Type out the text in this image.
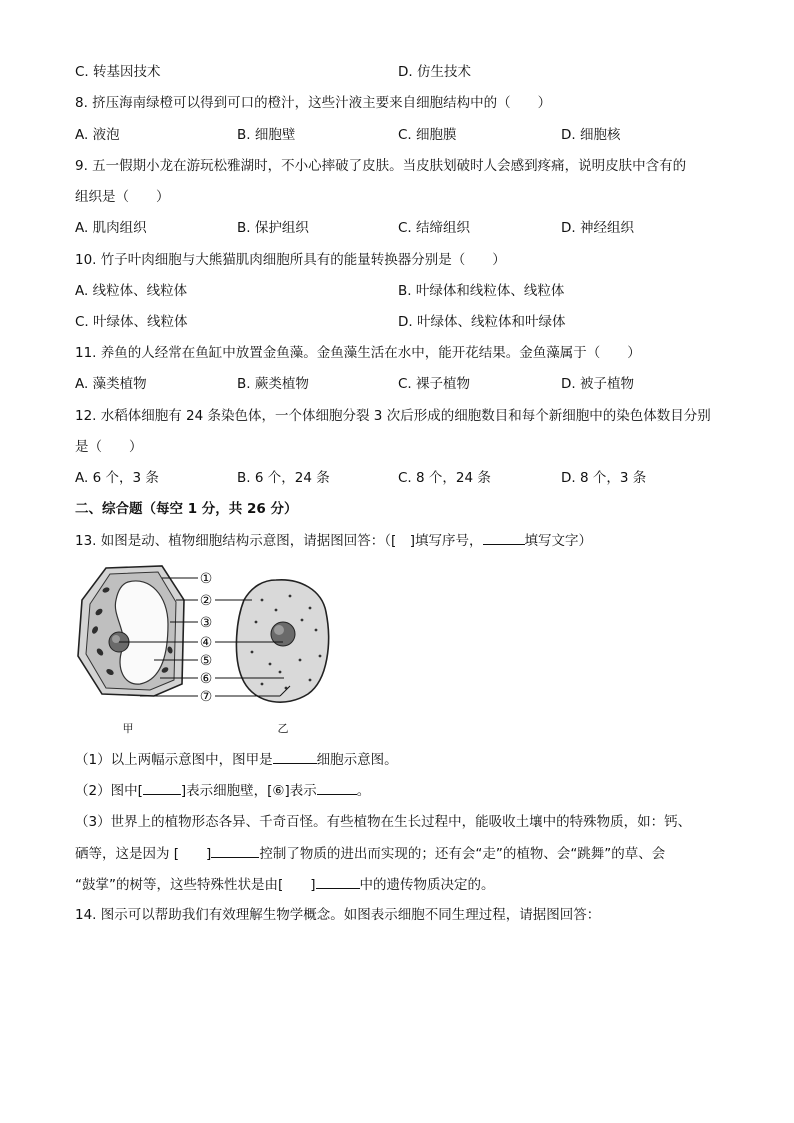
C. 转基因技术	D. 仿生技术
8. 挤压海南绿橙可以得到可口的橙汁，这些汁液主要来自细胞结构中的（　　）
A. 液泡	B. 细胞壁	C. 细胞膜	D. 细胞核
9. 五一假期小龙在游玩松雅湖时，不小心摔破了皮肤。当皮肤划破时人会感到疼痛，说明皮肤中含有的
组织是（　　）
A. 肌肉组织	B. 保护组织	C. 结缔组织	D. 神经组织
10. 竹子叶肉细胞与大熊猫肌肉细胞所具有的能量转换器分别是（　　）
A. 线粒体、线粒体	B. 叶绿体和线粒体、线粒体
C. 叶绿体、线粒体	D. 叶绿体、线粒体和叶绿体
11. 养鱼的人经常在鱼缸中放置金鱼藻。金鱼藻生活在水中，能开花结果。金鱼藻属于（　　）
A. 藻类植物	B. 蕨类植物	C. 裸子植物	D. 被子植物
12. 水稻体细胞有 24 条染色体，一个体细胞分裂 3 次后形成的细胞数目和每个新细胞中的染色体数目分别
是（　　）
A. 6 个，3 条	B. 6 个，24 条	C. 8 个，24 条	D. 8 个，3 条
二、综合题（每空 1 分，共 26 分）
13. 如图是动、植物细胞结构示意图，请据图回答：（[　]填写序号，	填写文字）
①
②
③
④
⑤
⑥
⑦
甲	乙
（1）以上两幅示意图中，图甲是	细胞示意图。
（2）图中[	]表示细胞壁，[⑥]表示	。
（3）世界上的植物形态各异、千奇百怪。有些植物在生长过程中，能吸收土壤中的特殊物质，如：钙、
硒等，这是因为 [　　]	控制了物质的进出而实现的；还有会“走”的植物、会“跳舞”的草、会
“鼓掌”的树等，这些特殊性状是由[　　]	中的遗传物质决定的。
14. 图示可以帮助我们有效理解生物学概念。如图表示细胞不同生理过程，请据图回答：
